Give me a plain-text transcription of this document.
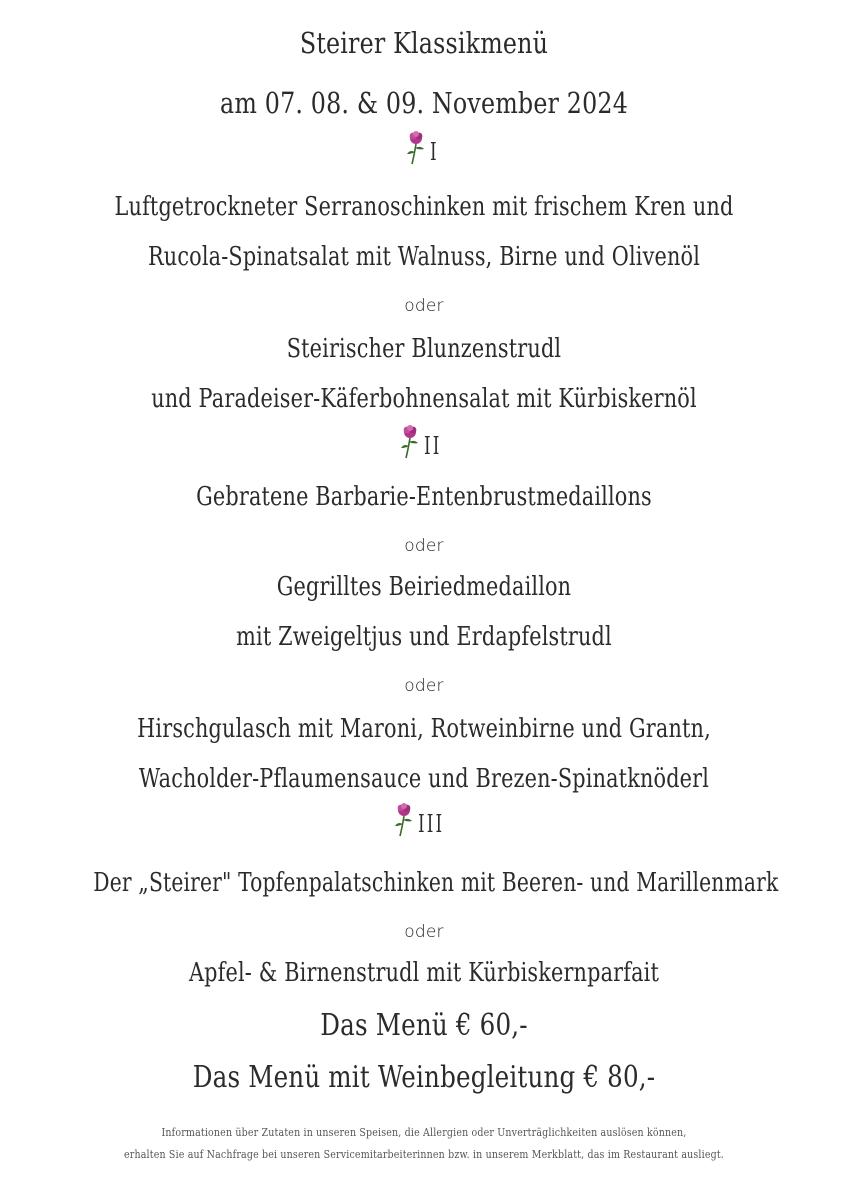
Steirer Klassikmenü
am 07. 08. & 09. November 2024
I
Luftgetrockneter Serranoschinken mit frischem Kren und
Rucola-Spinatsalat mit Walnuss, Birne und Olivenöl
oder
Steirischer Blunzenstrudl
und Paradeiser-Käferbohnensalat mit Kürbiskernöl
II
Gebratene Barbarie-Entenbrustmedaillons
oder
Gegrilltes Beiriedmedaillon
mit Zweigeltjus und Erdapfelstrudl
oder
Hirschgulasch mit Maroni, Rotweinbirne und Grantn,
Wacholder-Pflaumensauce und Brezen-Spinatknöderl
III
Der „Steirer" Topfenpalatschinken mit Beeren- und Marillenmark
oder
Apfel- & Birnenstrudl mit Kürbiskernparfait
Das Menü € 60,-
Das Menü mit Weinbegleitung € 80,-
Informationen über Zutaten in unseren Speisen, die Allergien oder Unverträglichkeiten auslösen können,
erhalten Sie auf Nachfrage bei unseren Servicemitarbeiterinnen bzw. in unserem Merkblatt, das im Restaurant ausliegt.
